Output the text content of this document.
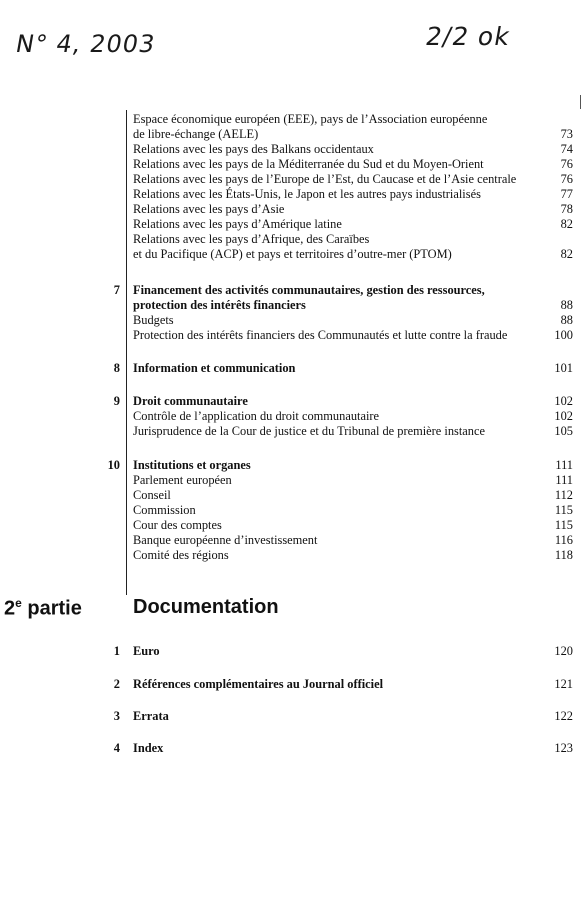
N° 4, 2003	2/2 ok
Espace économique européen (EEE), pays de l’Association européenne
de libre-échange (AELE)	73
Relations avec les pays des Balkans occidentaux	74
Relations avec les pays de la Méditerranée du Sud et du Moyen-Orient	76
Relations avec les pays de l’Europe de l’Est, du Caucase et de l’Asie centrale	76
Relations avec les États-Unis, le Japon et les autres pays industrialisés	77
Relations avec les pays d’Asie	78
Relations avec les pays d’Amérique latine	82
Relations avec les pays d’Afrique, des Caraïbes
et du Pacifique (ACP) et pays et territoires d’outre-mer (PTOM)	82
7 Financement des activités communautaires, gestion des ressources,
protection des intérêts financiers	88
Budgets	88
Protection des intérêts financiers des Communautés et lutte contre la fraude	100
8 Information et communication	101
9 Droit communautaire	102
Contrôle de l’application du droit communautaire	102
Jurisprudence de la Cour de justice et du Tribunal de première instance	105
10 Institutions et organes	111
Parlement européen	111
Conseil	112
Commission	115
Cour des comptes	115
Banque européenne d’investissement	116
Comité des régions	118
2e partie	Documentation
1 Euro	120
2 Références complémentaires au Journal officiel	121
3 Errata	122
4 Index	123
